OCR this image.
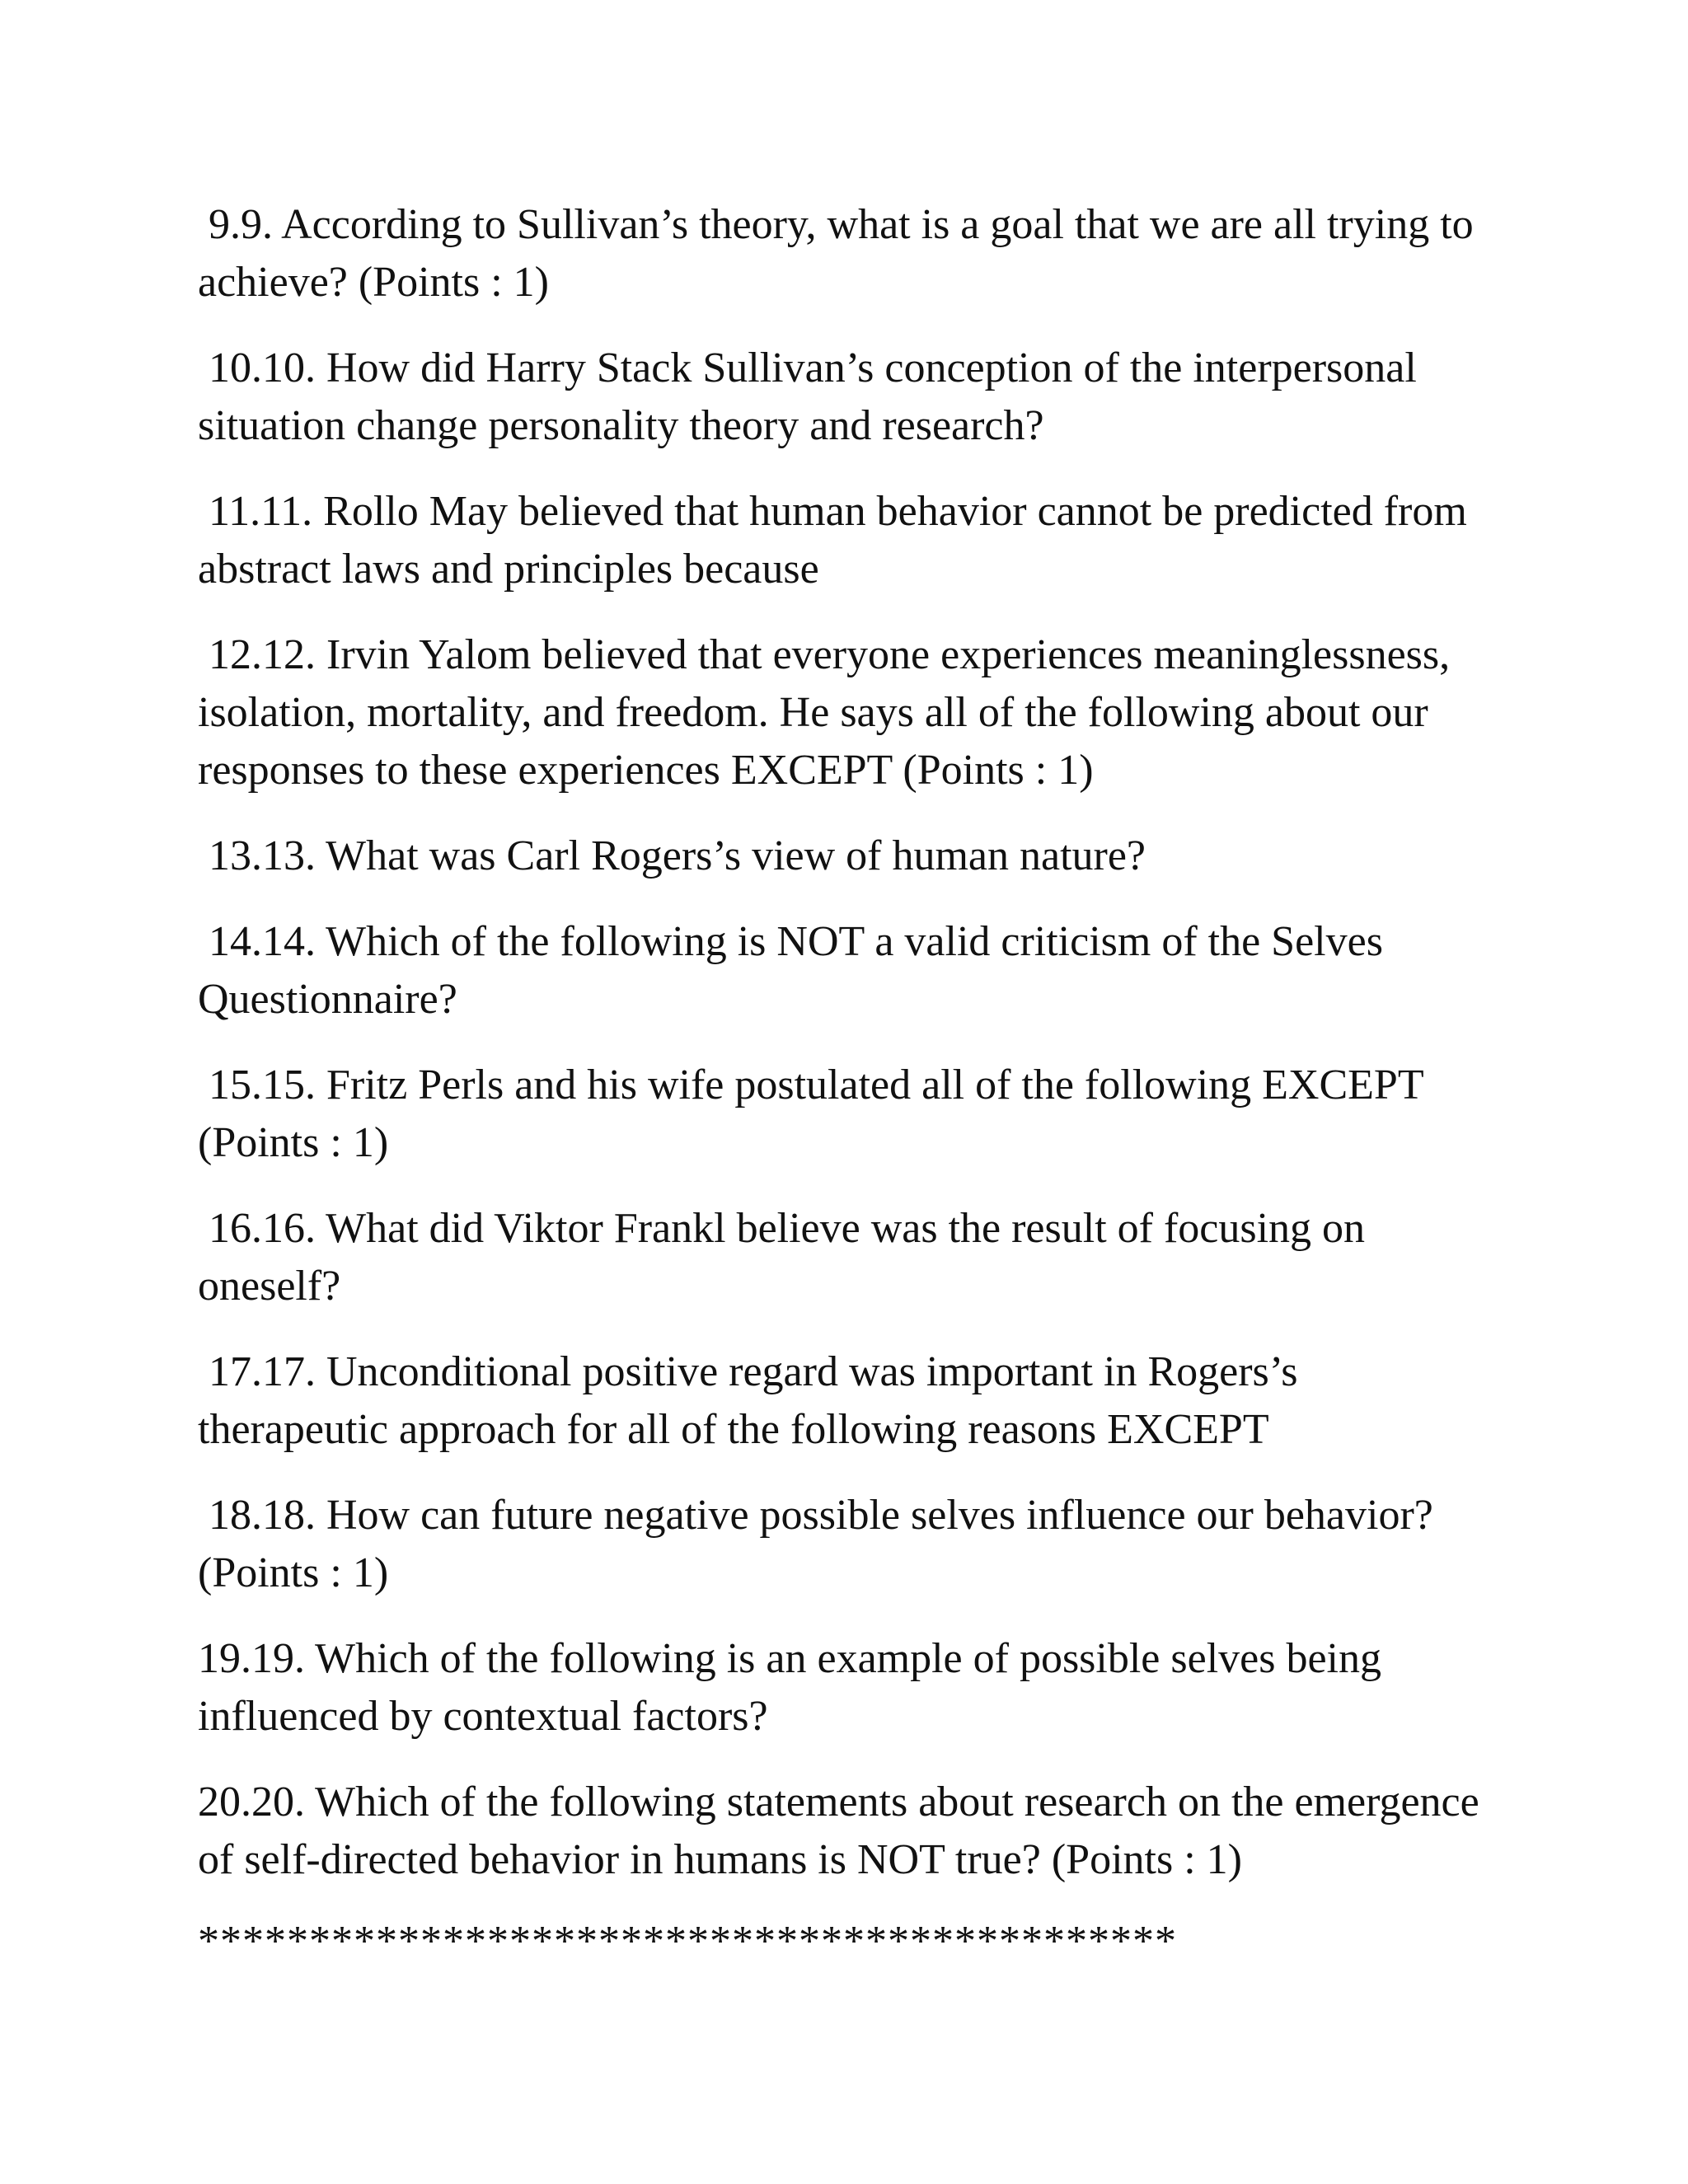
9.9. According to Sullivan’s theory, what is a goal that we are all trying to achieve? (Points : 1)

10.10. How did Harry Stack Sullivan’s conception of the interpersonal situation change personality theory and research?

11.11. Rollo May believed that human behavior cannot be predicted from abstract laws and principles because

12.12. Irvin Yalom believed that everyone experiences meaninglessness, isolation, mortality, and freedom. He says all of the following about our responses to these experiences EXCEPT (Points : 1)

13.13. What was Carl Rogers’s view of human nature?

14.14. Which of the following is NOT a valid criticism of the Selves Questionnaire?

15.15. Fritz Perls and his wife postulated all of the following EXCEPT (Points : 1)

16.16. What did Viktor Frankl believe was the result of focusing on oneself?

17.17. Unconditional positive regard was important in Rogers’s therapeutic approach for all of the following reasons EXCEPT

18.18. How can future negative possible selves influence our behavior? (Points : 1)

19.19. Which of the following is an example of possible selves being influenced by contextual factors?

20.20. Which of the following statements about research on the emergence of self-directed behavior in humans is NOT true? (Points : 1)

********************************************
